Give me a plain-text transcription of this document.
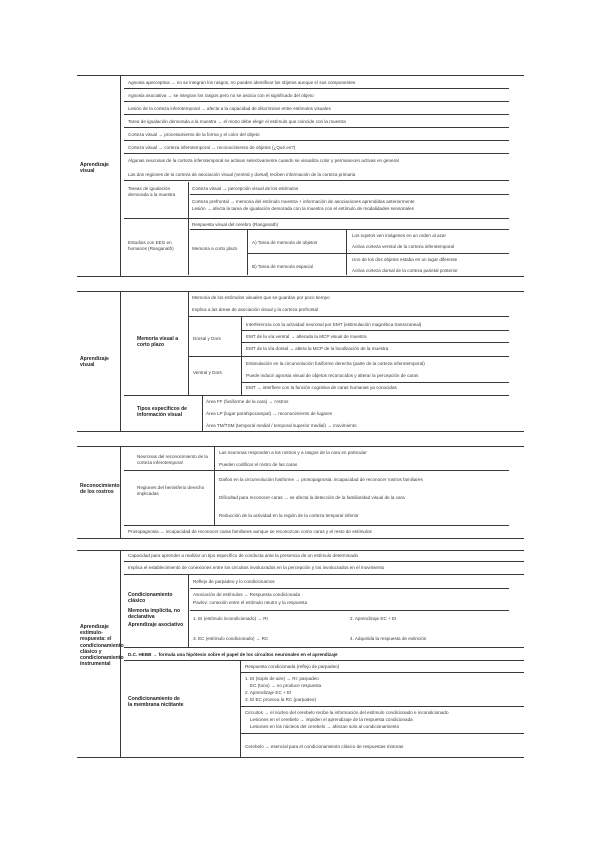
Aprendizaje visual
Agnosia aperceptiva → no se integran los rasgos, no pueden identificar los objetos aunque sí sus componentes
Agnosia asociativa → se integran los rasgos pero no se asocia con el significado del objeto
Lesión de la corteza inferotemporal → afecta a la capacidad de discriminar entre estímulos visuales
Tarea de igualación demorada a la muestra → el mono debe elegir el estímulo que coincide con la muestra
Corteza visual → procesamiento de la forma y el color del objeto
Corteza visual → corteza inferotemporal → reconocimiento de objetos (¿Qué es?)
Algunas neuronas de la corteza inferotemporal se activan selectivamente cuando se visualiza color y permanecen activas en general
Las dos regiones de la corteza de asociación visual (ventral y dorsal) reciben información de la corteza primaria
Tareas de igualación demorada a la muestra
Corteza visual → percepción visual de los estímulos
Corteza prefrontal → memoria del estímulo muestra + información de asociaciones aprendidas anteriormente
Lesión → afecta la tarea de igualación demorada con la muestra con el estímulo de modalidades sensoriales
Estudios con EEG en humanos (Ranganath)
Respuesta visual del cerebro (Ranganath)
Memoria a corto plazo
A) Tarea de memoria de objetos
Los sujetos ven imágenes en un orden al azar
Activa corteza ventral de la corteza inferotemporal
B) Tarea de memoria espacial
Uno de los dos objetos estaba en un lugar diferente
Activa corteza dorsal de la corteza parietal posterior
Aprendizaje visual
Memoria de los estímulos visuales que se guardan por poco tiempo
Implica a las áreas de asociación visual y la corteza prefrontal
Memoria visual a corto plazo
Dorsal y Dors
Interferencia con la actividad neuronal por EMT (estimulación magnética transcraneal)
EMT de la vía ventral → alterada la MCP visual de muestra
EMT de la vía dorsal → altera la MCP de la localización de la muestra
Ventral y Dors
Estimulación en la circunvolución fusiforme derecha (parte de la corteza inferotemporal)
Puede inducir agnosia visual de objetos reconocidos y alterar la percepción de caras
EMT → interfiere con la función cognitiva de caras humanas ya conocidas
Tipos específicos de información visual
Área FF (fusiforme de la cara) → rostros
Área LP (lugar parahipocampal) → reconocimiento de lugares
Área TM/TSM (temporal medial / temporal superior medial) → movimiento
Reconocimiento de los rostros
Neuronas del reconocimiento de la corteza inferotemporal
Las neuronas responden a los rostros y a rasgos de la cara en particular
Pueden codificar el rostro de las caras
Regiones del hemisferio derecho implicadas
Daños en la circunvolución fusiforme → prosopagnosia: incapacidad de reconocer rostros familiares
Dificultad para reconocer caras → se afecta la detección de la familiaridad visual de la cara
Reducción de la actividad en la región de la corteza temporal inferior
Prosopagnosia → incapacidad de reconocer caras familiares aunque se reconozcan como caras y el resto de estímulos
Aprendizaje estímulo-respuesta: el condicionamiento clásico y condicionamiento instrumental
Capacidad para aprender a realizar un tipo específico de conducta ante la presencia de un estímulo determinado
Implica el establecimiento de conexiones entre los circuitos involucrados en la percepción y los involucrados en el movimiento
Condicionamiento clásico
Memoria implícita, no declarativa
Aprendizaje asociativo
Reflejo de parpadeo y lo condicionamos
Asociación de estímulos → Respuesta condicionada
Pavlov: conexión entre el estímulo neutro y la respuesta
1. EI (estímulo incondicionado) → RI	2. Aprendizaje EC + EI
3. EC (estímulo condicionado) → RC	4. Adquirida la respuesta de extinción
D.C. HEBB → formula una hipótesis sobre el papel de los circuitos neuronales en el aprendizaje
Condicionamiento de la membrana nictitante
Respuesta condicionada (reflejo de parpadeo)
1. EI (soplo de aire) → RI: parpadeo
EC (tono) → no produce respuesta
2. Aprendizaje EC + EI
3. El EC provoca la RC (parpadeo)
Circuitos → el núcleo del cerebelo recibe la información del estímulo condicionado e incondicionado
Lesiones en el cerebelo → impiden el aprendizaje de la respuesta condicionada
Lesiones en los núcleos del cerebelo → afectan solo al condicionamiento
Cerebelo → esencial para el condicionamiento clásico de respuestas motoras
